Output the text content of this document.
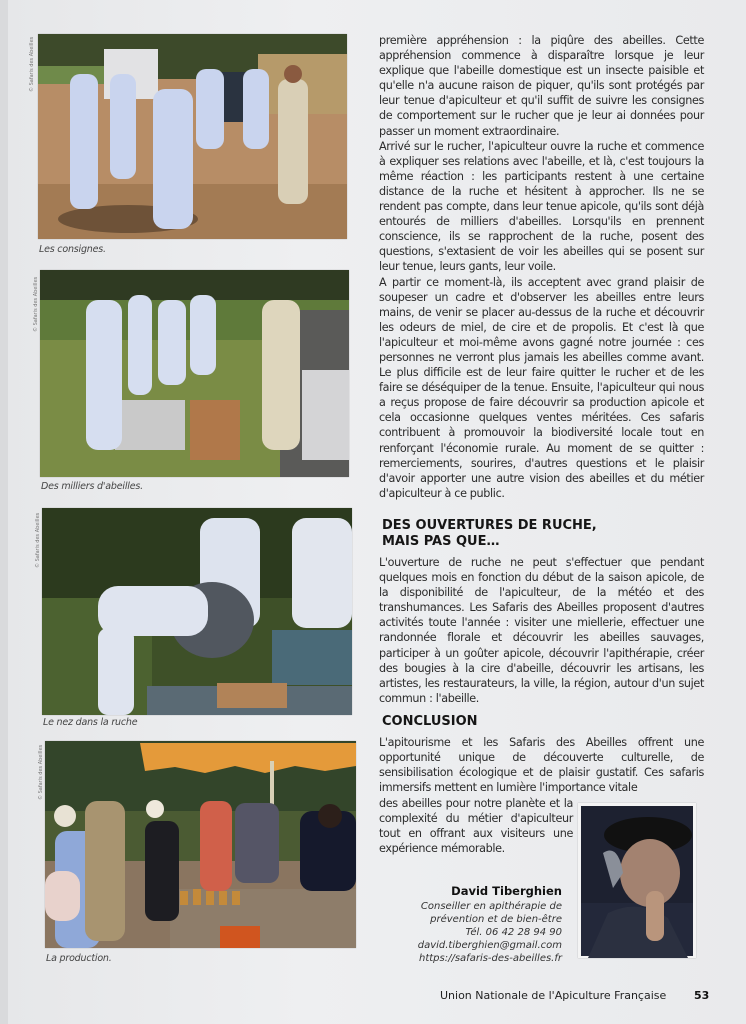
© Safaris des Abeilles
Les consignes.
© Safaris des Abeilles
Des milliers d'abeilles.
© Safaris des Abeilles
Le nez dans la ruche
© Safaris des Abeilles
La production.

première appréhension : la piqûre des abeilles. Cette appréhension commence à disparaître lorsque je leur explique que l'abeille domestique est un insecte paisible et qu'elle n'a aucune raison de piquer, qu'ils sont protégés par leur tenue d'apiculteur et qu'il suffit de suivre les consignes de comportement sur le rucher que je leur ai données pour passer un moment extraordinaire.

Arrivé sur le rucher, l'apiculteur ouvre la ruche et commence à expliquer ses relations avec l'abeille, et là, c'est toujours la même réaction : les participants restent à une certaine distance de la ruche et hésitent à approcher. Ils ne se rendent pas compte, dans leur tenue apicole, qu'ils sont déjà entourés de milliers d'abeilles. Lorsqu'ils en prennent conscience, ils se rapprochent de la ruche, posent des questions, s'extasient de voir les abeilles qui se posent sur leur tenue, leurs gants, leur voile.

A partir ce moment-là, ils acceptent avec grand plaisir de soupeser un cadre et d'observer les abeilles entre leurs mains, de venir se placer au-dessus de la ruche et découvrir les odeurs de miel, de cire et de propolis. Et c'est là que l'apiculteur et moi-même avons gagné notre journée : ces personnes ne verront plus jamais les abeilles comme avant. Le plus difficile est de leur faire quitter le rucher et de les faire se déséquiper de la tenue. Ensuite, l'apiculteur qui nous a reçus propose de faire découvrir sa production apicole et cela occasionne quelques ventes méritées. Ces safaris contribuent à promouvoir la biodiversité locale tout en renforçant l'économie rurale. Au moment de se quitter : remerciements, sourires, d'autres questions et le plaisir d'avoir apporter une autre vision des abeilles et du métier d'apiculteur à ce public.

DES OUVERTURES DE RUCHE,
MAIS PAS QUE…

L'ouverture de ruche ne peut s'effectuer que pendant quelques mois en fonction du début de la saison apicole, de la disponibilité de l'apiculteur, de la météo et des transhumances. Les Safaris des Abeilles proposent d'autres activités toute l'année : visiter une miellerie, effectuer une randonnée florale et découvrir les abeilles sauvages, participer à un goûter apicole, découvrir l'apithérapie, créer des bougies à la cire d'abeille, découvrir les artisans, les artistes, les restaurateurs, la ville, la région, autour d'un sujet commun : l'abeille.

CONCLUSION

L'apitourisme et les Safaris des Abeilles offrent une opportunité unique de découverte culturelle, de sensibilisation écologique et de plaisir gustatif. Ces safaris immersifs mettent en lumière l'importance vitale

des abeilles pour notre planète et la complexité du métier d'apiculteur tout en offrant aux visiteurs une expérience mémorable.

David Tiberghien
Conseiller en apithérapie de
prévention et de bien-être
Tél. 06 42 28 94 90
david.tiberghien@gmail.com
https://safaris-des-abeilles.fr
Union Nationale de l'Apiculture Française	53
